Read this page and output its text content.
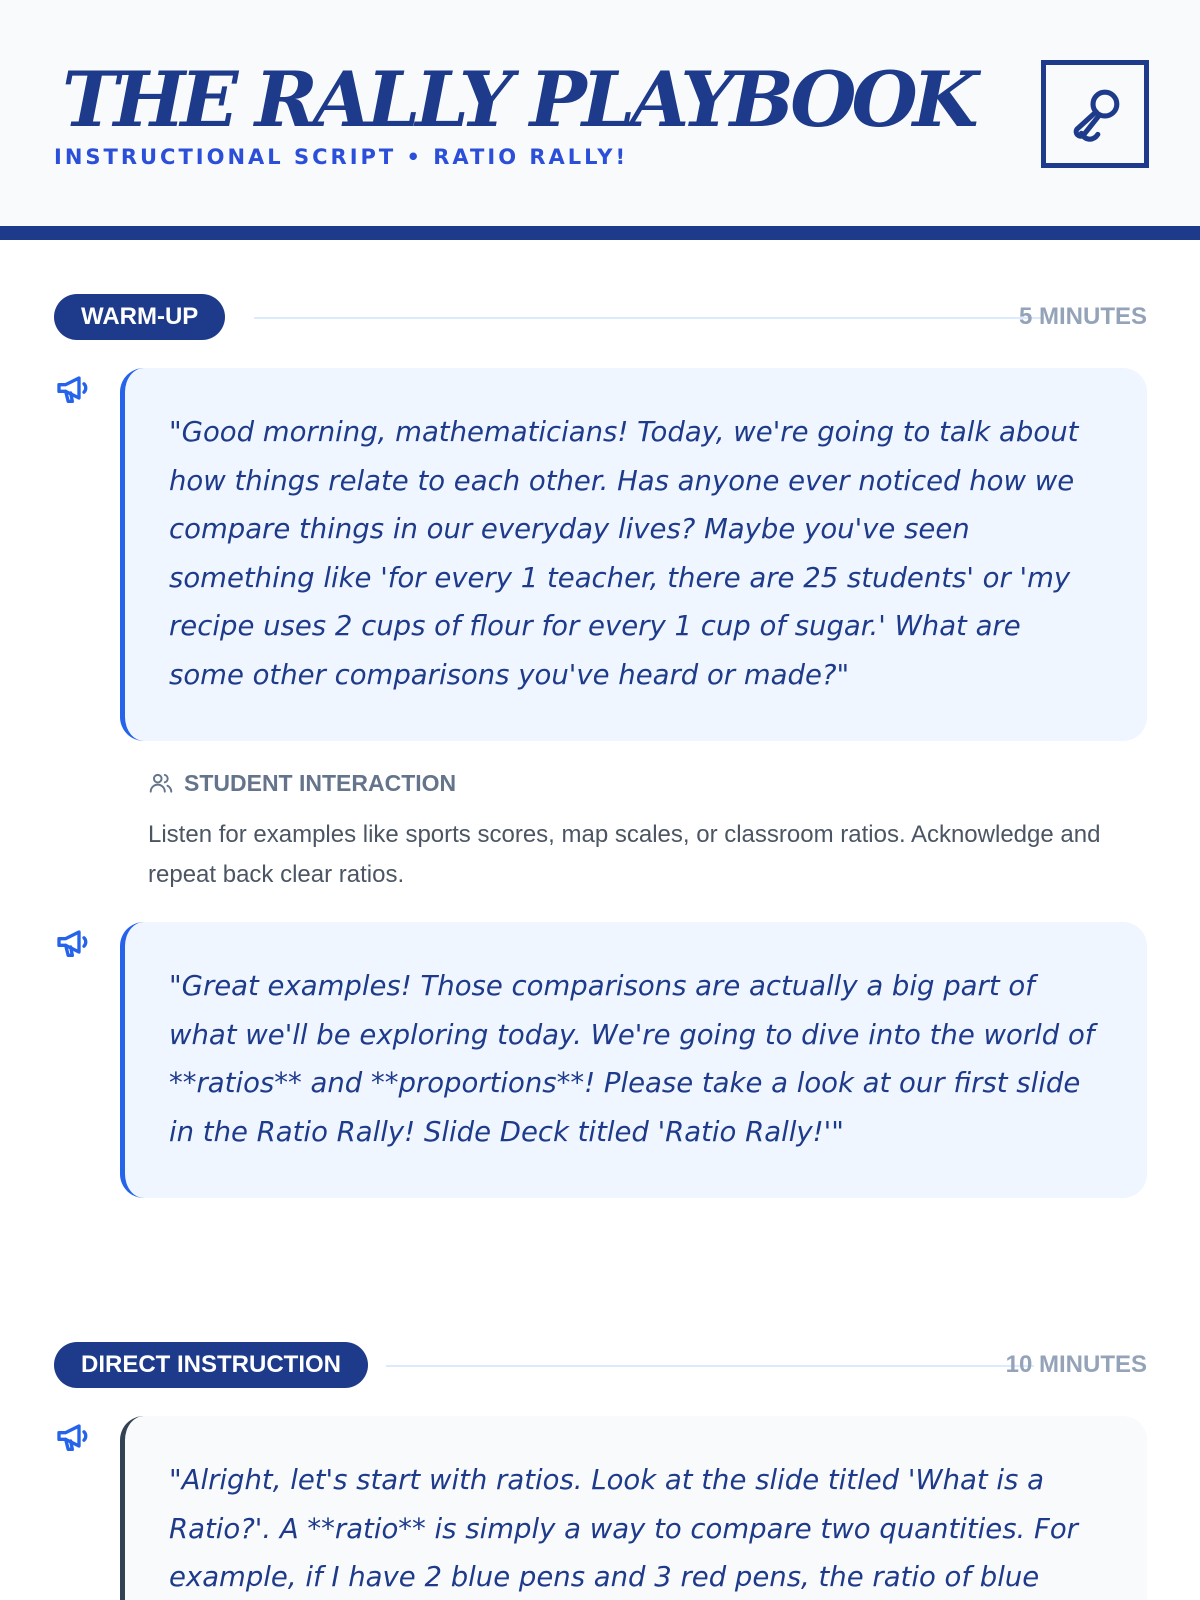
THE RALLY PLAYBOOK
INSTRUCTIONAL SCRIPT • RATIO RALLY!
WARM-UP	5 MINUTES
"Good morning, mathematicians! Today, we're going to talk about how things relate to each other. Has anyone ever noticed how we compare things in our everyday lives? Maybe you've seen something like 'for every 1 teacher, there are 25 students' or 'my recipe uses 2 cups of flour for every 1 cup of sugar.' What are some other comparisons you've heard or made?"
STUDENT INTERACTION
Listen for examples like sports scores, map scales, or classroom ratios. Acknowledge and repeat back clear ratios.
"Great examples! Those comparisons are actually a big part of what we'll be exploring today. We're going to dive into the world of **ratios** and **proportions**! Please take a look at our first slide in the Ratio Rally! Slide Deck titled 'Ratio Rally!'"
DIRECT INSTRUCTION	10 MINUTES
"Alright, let's start with ratios. Look at the slide titled 'What is a Ratio?'. A **ratio** is simply a way to compare two quantities. For example, if I have 2 blue pens and 3 red pens, the ratio of blue
